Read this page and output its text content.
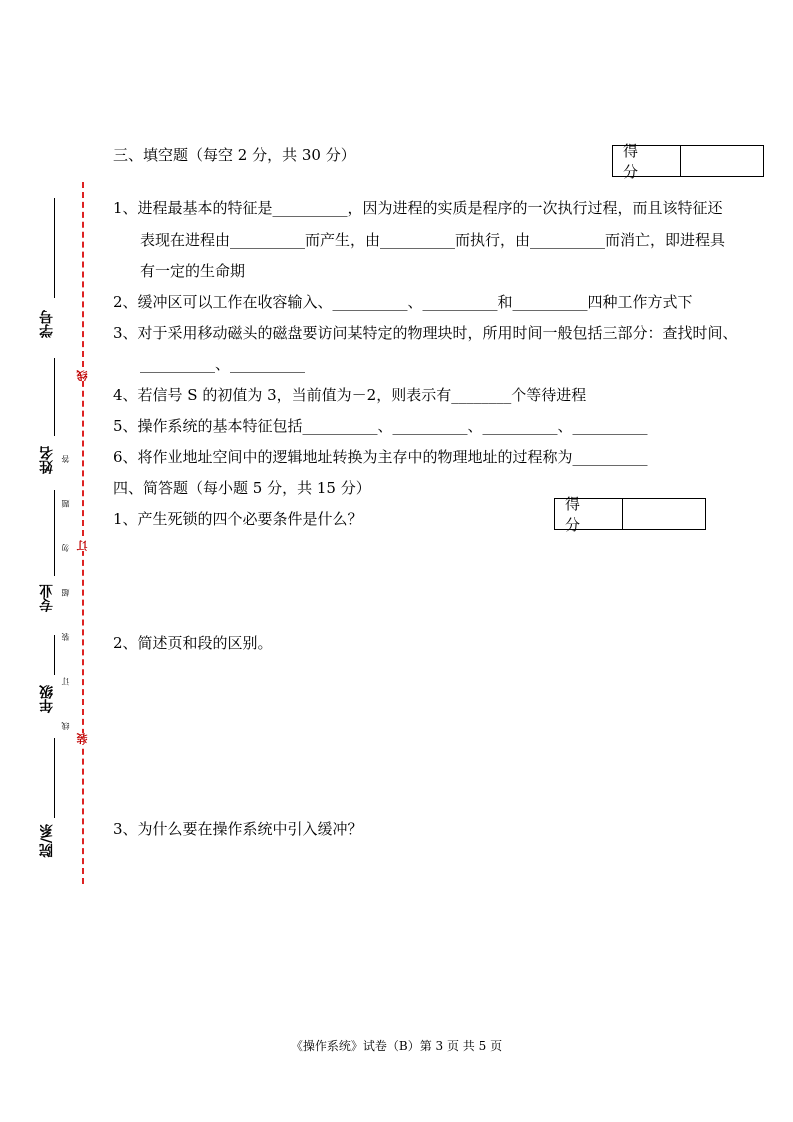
学号
姓名
专业
年级
院/系
线 订 装 超 勿 题 答
线
订
装
三、填空题（每空 2 分，共 30 分）	得 分
1、进程最基本的特征是__________，因为进程的实质是程序的一次执行过程，而且该特征还
表现在进程由__________而产生，由__________而执行，由__________而消亡，即进程具
有一定的生命期
2、缓冲区可以工作在收容输入、__________、__________和__________四种工作方式下
3、对于采用移动磁头的磁盘要访问某特定的物理块时，所用时间一般包括三部分：查找时间、
__________、__________
4、若信号 S 的初值为 3，当前值为－2，则表示有________个等待进程
5、操作系统的基本特征包括__________、__________、__________、__________
6、将作业地址空间中的逻辑地址转换为主存中的物理地址的过程称为__________
四、简答题（每小题 5 分，共 15 分）
得 分
1、产生死锁的四个必要条件是什么？
2、简述页和段的区别。
3、为什么要在操作系统中引入缓冲？
《操作系统》试卷（B）第 3 页 共 5 页
